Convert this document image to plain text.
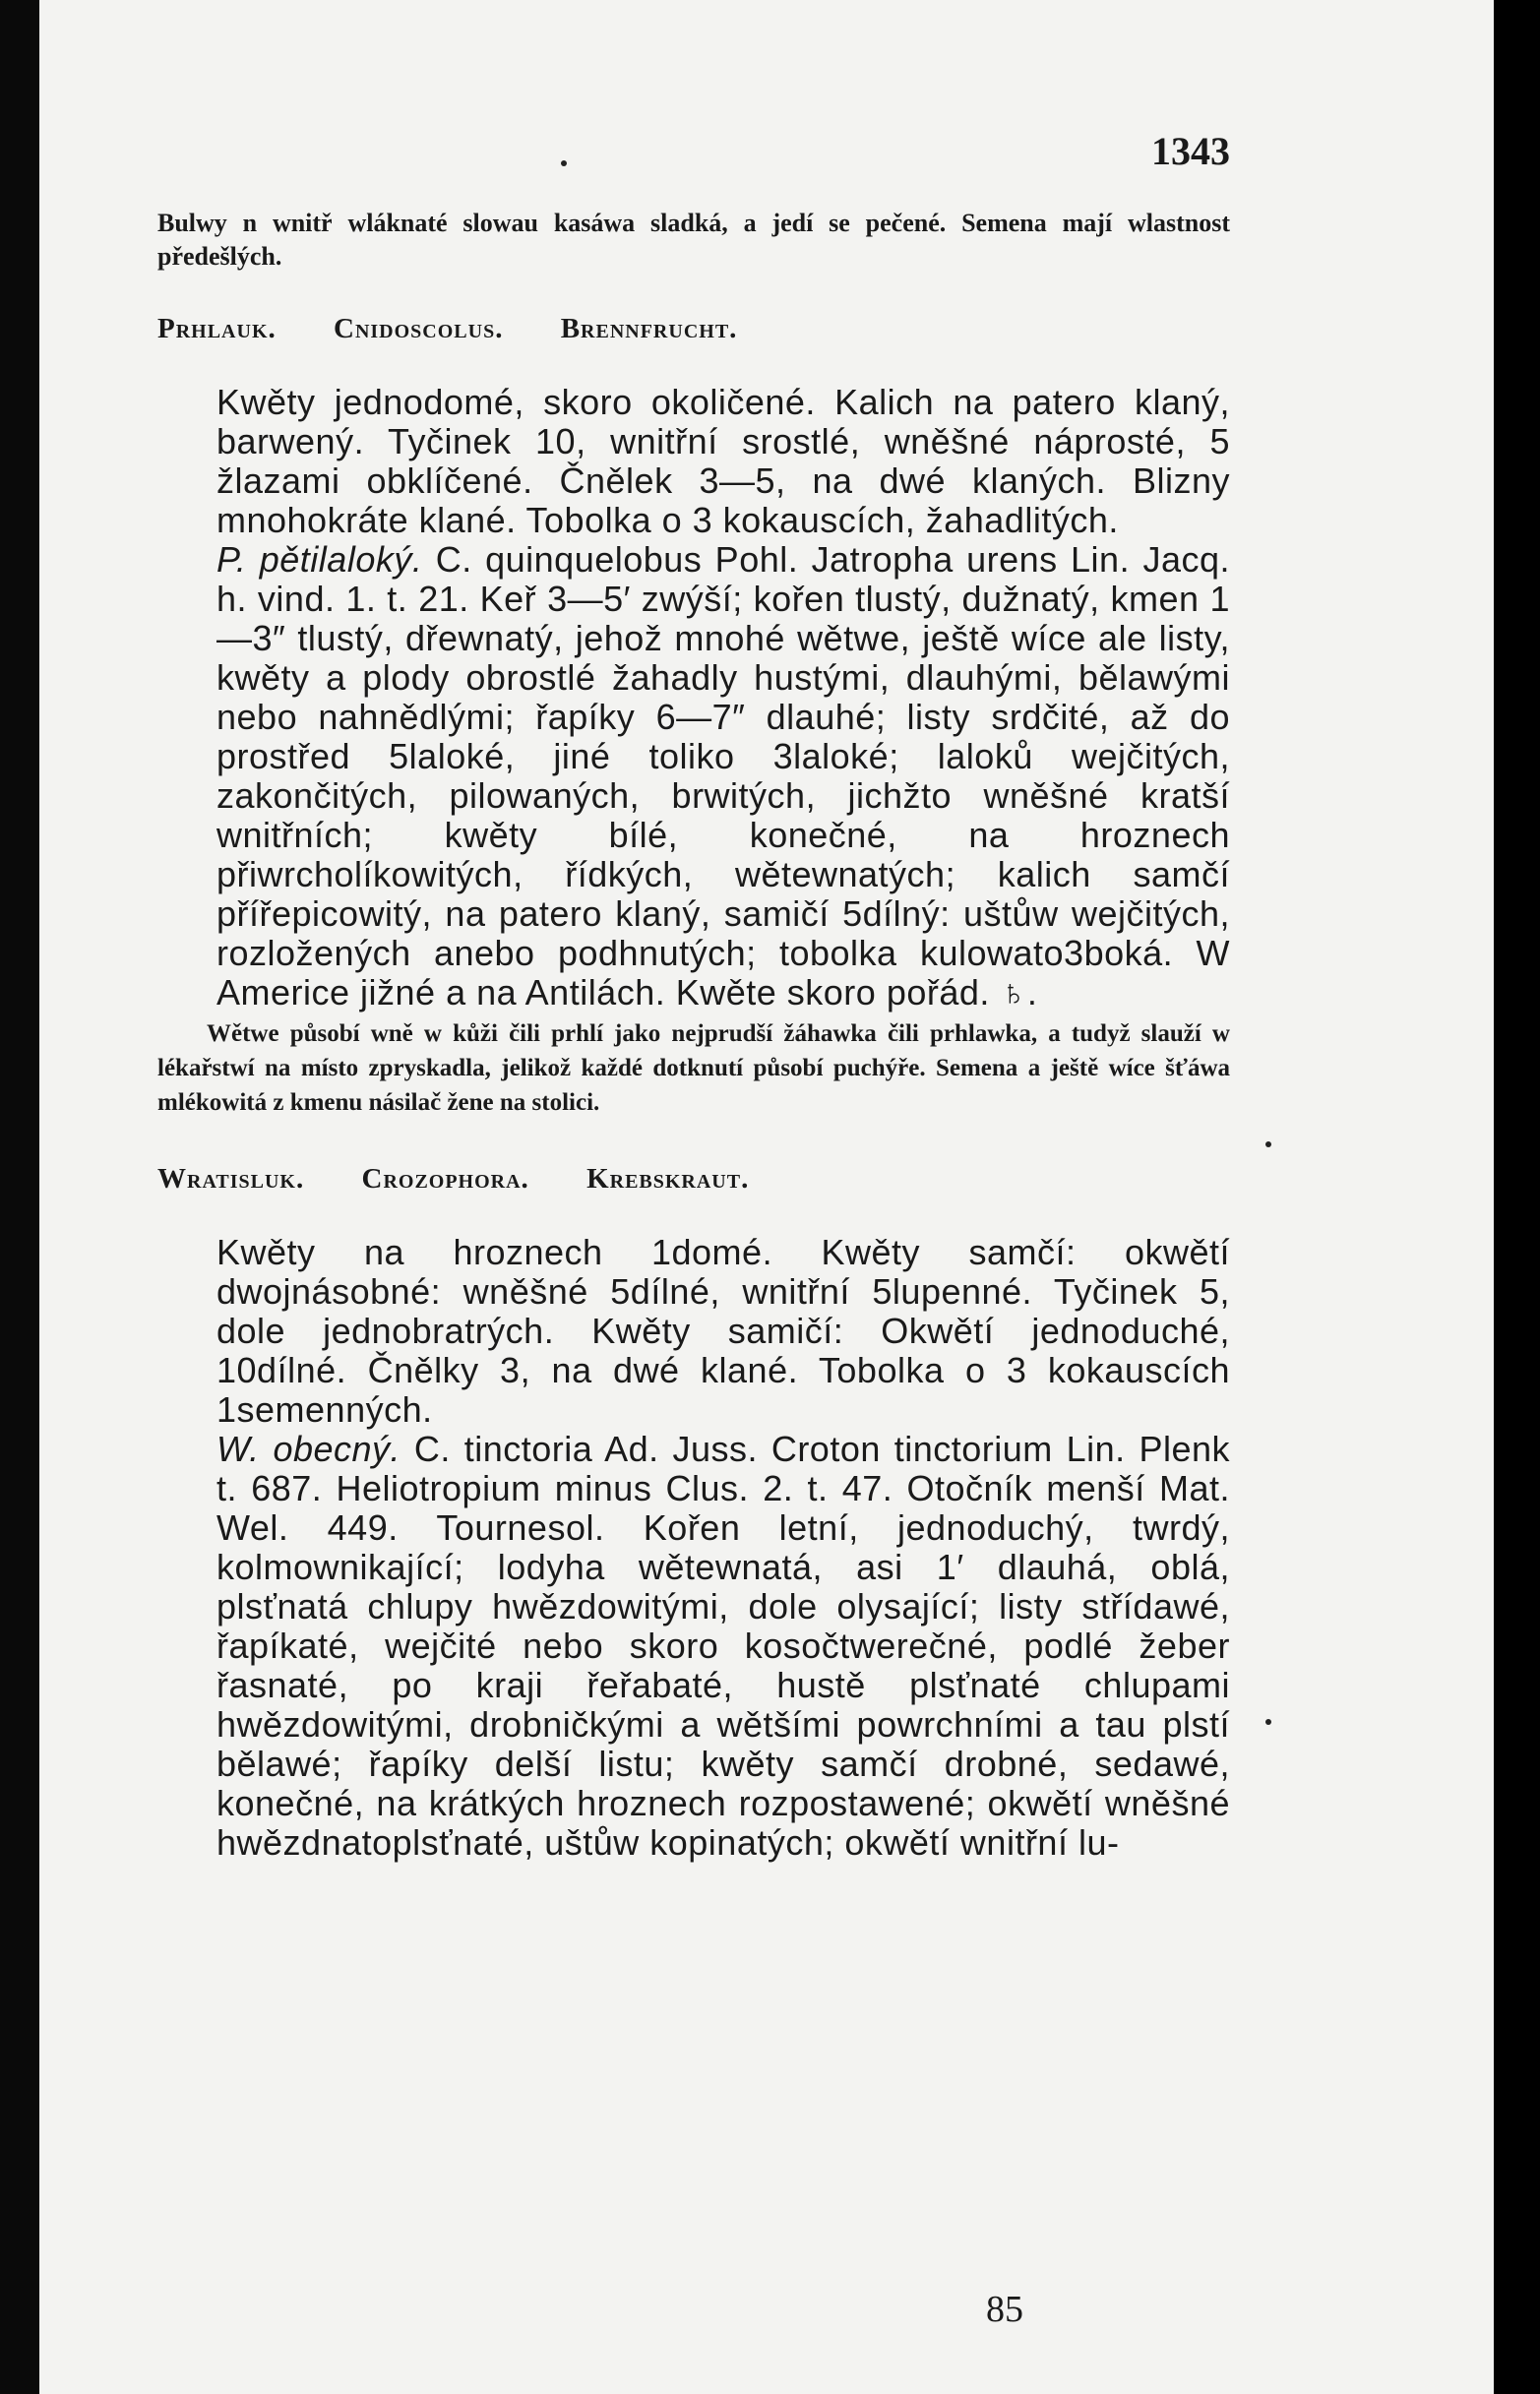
1343

Bulwy n wnitř wláknaté slowau kasáwa sladká, a jedí se pečené. Semena mají wlastnost předešlých.

Prhlauk. Cnidoscolus. Brennfrucht.

Kwěty jednodomé, skoro okoličené. Kalich na patero klaný, barwený. Tyčinek 10, wnitřní srostlé, wněšné náprosté, 5 žlazami obklíčené. Čnělek 3—5, na dwé klaných. Blizny mnohokráte klané. Tobolka o 3 kokauscích, žahadlitých.

P. pětilaloký. C. quinquelobus Pohl. Jatropha urens Lin. Jacq. h. vind. 1. t. 21. Keř 3—5′ zwýší; kořen tlustý, dužnatý, kmen 1—3″ tlustý, dřewnatý, jehož mnohé wětwe, ještě wíce ale listy, kwěty a plody obrostlé žahadly hustými, dlauhými, bělawými nebo nahnědlými; řapíky 6—7″ dlauhé; listy srdčité, až do prostřed 5laloké, jiné toliko 3laloké; laloků wejčitých, zakončitých, pilowaných, brwitých, jichžto wněšné kratší wnitřních; kwěty bílé, konečné, na hroznech přiwrcholíkowitých, řídkých, wětewnatých; kalich samčí přířepicowitý, na patero klaný, samičí 5dílný: uštůw wejčitých, rozložených anebo podhnutých; tobolka kulowato3boká. W Americe jižné a na Antilách. Kwěte skoro pořád. ♄.

Wětwe působí wně w kůži čili prhlí jako nejprudší žáhawka čili prhlawka, a tudyž slauží w lékařstwí na místo zpryskadla, jelikož každé dotknutí působí puchýře. Semena a ještě wíce šťáwa mlékowitá z kmenu násilač žene na stolici.

Wratisluk. Crozophora. Krebskraut.

Kwěty na hroznech 1domé. Kwěty samčí: okwětí dwojnásobné: wněšné 5dílné, wnitřní 5lupenné. Tyčinek 5, dole jednobratrých. Kwěty samičí: Okwětí jednoduché, 10dílné. Čnělky 3, na dwé klané. Tobolka o 3 kokauscích 1semenných.

W. obecný. C. tinctoria Ad. Juss. Croton tinctorium Lin. Plenk t. 687. Heliotropium minus Clus. 2. t. 47. Otočník menší Mat. Wel. 449. Tournesol. Kořen letní, jednoduchý, twrdý, kolmownikající; lodyha wětewnatá, asi 1′ dlauhá, oblá, plsťnatá chlupy hwězdowitými, dole olysající; listy střídawé, řapíkaté, wejčité nebo skoro kosočtwerečné, podlé žeber řasnaté, po kraji řeřabaté, hustě plsťnaté chlupami hwězdowitými, drobničkými a wětšími powrchními a tau plstí bělawé; řapíky delší listu; kwěty samčí drobné, sedawé, konečné, na krátkých hroznech rozpostawené; okwětí wněšné hwězdnatoplsťnaté, uštůw kopinatých; okwětí wnitřní lu-

85
